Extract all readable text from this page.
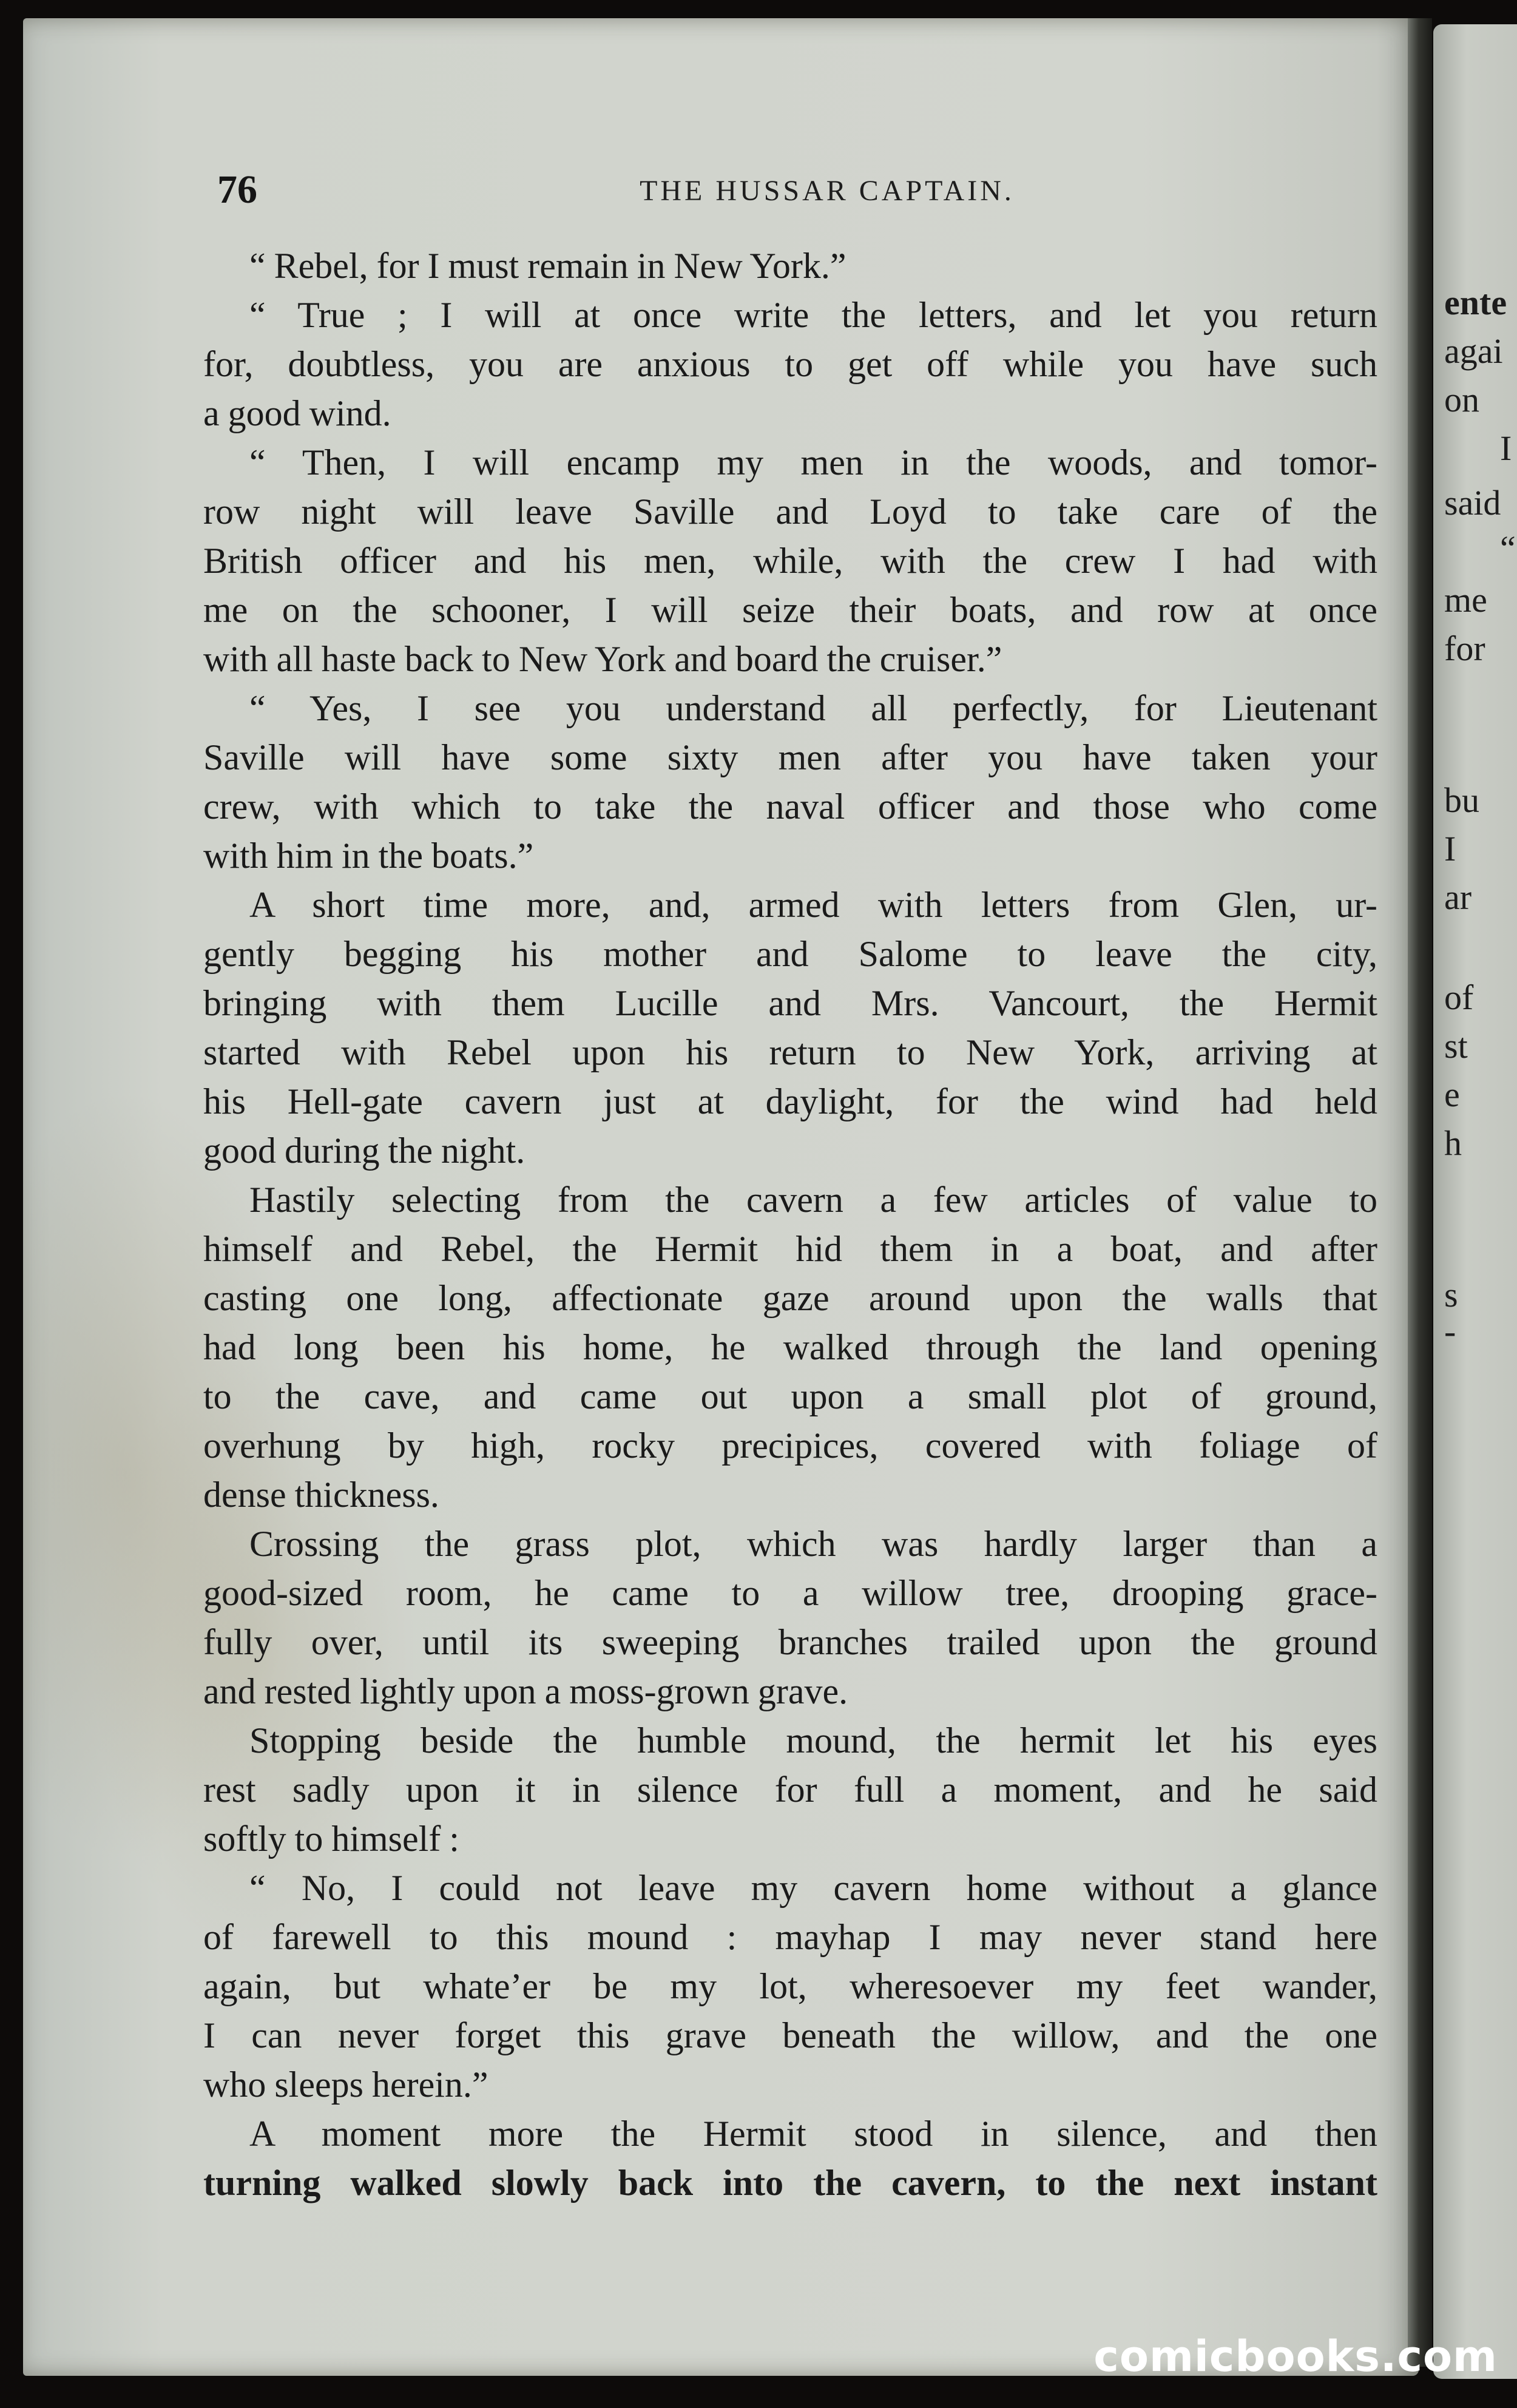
76	THE HUSSAR CAPTAIN.
“ Rebel, for I must remain in New York.”
“ True ; I will at once write the letters, and let you return
for, doubtless, you are anxious to get off while you have such
a good wind.
“ Then, I will encamp my men in the woods, and tomor-
row night will leave Saville and Loyd to take care of the
British officer and his men, while, with the crew I had with
me on the schooner, I will seize their boats, and row at once
with all haste back to New York and board the cruiser.”
“ Yes, I see you understand all perfectly, for Lieutenant
Saville will have some sixty men after you have taken your
crew, with which to take the naval officer and those who come
with him in the boats.”
A short time more, and, armed with letters from Glen, ur-
gently begging his mother and Salome to leave the city,
bringing with them Lucille and Mrs. Vancourt, the Hermit
started with Rebel upon his return to New York, arriving at
his Hell-gate cavern just at daylight, for the wind had held
good during the night.
Hastily selecting from the cavern a few articles of value to
himself and Rebel, the Hermit hid them in a boat, and after
casting one long, affectionate gaze around upon the walls that
had long been his home, he walked through the land opening
to the cave, and came out upon a small plot of ground,
overhung by high, rocky precipices, covered with foliage of
dense thickness.
Crossing the grass plot, which was hardly larger than a
good-sized room, he came to a willow tree, drooping grace-
fully over, until its sweeping branches trailed upon the ground
and rested lightly upon a moss-grown grave.
Stopping beside the humble mound, the hermit let his eyes
rest sadly upon it in silence for full a moment, and he said
softly to himself :
“ No, I could not leave my cavern home without a glance
of farewell to this mound : mayhap I may never stand here
again, but whate’er be my lot, wheresoever my feet wander,
I can never forget this grave beneath the willow, and the one
who sleeps herein.”
A moment more the Hermit stood in silence, and then
turning walked slowly back into the cavern, to the next instant
ente
agai
on
I
said
“
me
for
bu
I
ar
of
st
e
h
s
-
comicbooks.com
